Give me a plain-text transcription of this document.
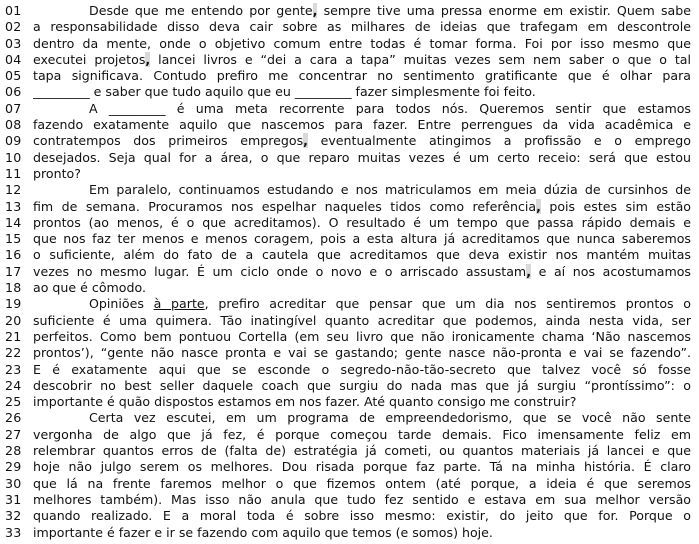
01	Desde que me entendo por gente, sempre tive uma pressa enorme em existir. Quem sabe
02 a responsabilidade disso deva cair sobre as milhares de ideias que trafegam em descontrole
03 dentro da mente, onde o objetivo comum entre todas é tomar forma. Foi por isso mesmo que
04 executei projetos, lancei livros e “dei a cara a tapa” muitas vezes sem nem saber o que o tal
05 tapa significava. Contudo prefiro me concentrar no sentimento gratificante que é olhar para
06 _________ e saber que tudo aquilo que eu _________ fazer simplesmente foi feito.
07	A _________ é uma meta recorrente para todos nós. Queremos sentir que estamos
08 fazendo exatamente aquilo que nascemos para fazer. Entre perrengues da vida acadêmica e
09 contratempos dos primeiros empregos, eventualmente atingimos a profissão e o emprego
10 desejados. Seja qual for a área, o que reparo muitas vezes é um certo receio: será que estou
11 pronto?
12	Em paralelo, continuamos estudando e nos matriculamos em meia dúzia de cursinhos de
13 fim de semana. Procuramos nos espelhar naqueles tidos como referência, pois estes sim estão
14 prontos (ao menos, é o que acreditamos). O resultado é um tempo que passa rápido demais e
15 que nos faz ter menos e menos coragem, pois a esta altura já acreditamos que nunca saberemos
16 o suficiente, além do fato de a cautela que acreditamos que deva existir nos mantém muitas
17 vezes no mesmo lugar. É um ciclo onde o novo e o arriscado assustam, e aí nos acostumamos
18 ao que é cômodo.
19	Opiniões à parte, prefiro acreditar que pensar que um dia nos sentiremos prontos o
20 suficiente é uma quimera. Tão inatingível quanto acreditar que podemos, ainda nesta vida, ser
21 perfeitos. Como bem pontuou Cortella (em seu livro que não ironicamente chama ‘Não nascemos
22 prontos’), “gente não nasce pronta e vai se gastando; gente nasce não-pronta e vai se fazendo”.
23 E é exatamente aqui que se esconde o segredo-não-tão-secreto que talvez você só fosse
24 descobrir no best seller daquele coach que surgiu do nada mas que já surgiu “prontíssimo”: o
25 importante é quão dispostos estamos em nos fazer. Até quanto consigo me construir?
26	Certa vez escutei, em um programa de empreendedorismo, que se você não sente
27 vergonha de algo que já fez, é porque começou tarde demais. Fico imensamente feliz em
28 relembrar quantos erros de (falta de) estratégia já cometi, ou quantos materiais já lancei e que
29 hoje não julgo serem os melhores. Dou risada porque faz parte. Tá na minha história. É claro
30 que lá na frente faremos melhor o que fizemos ontem (até porque, a ideia é que seremos
31 melhores também). Mas isso não anula que tudo fez sentido e estava em sua melhor versão
32 quando realizado. E a moral toda é sobre isso mesmo: existir, do jeito que for. Porque o
33 importante é fazer e ir se fazendo com aquilo que temos (e somos) hoje.
